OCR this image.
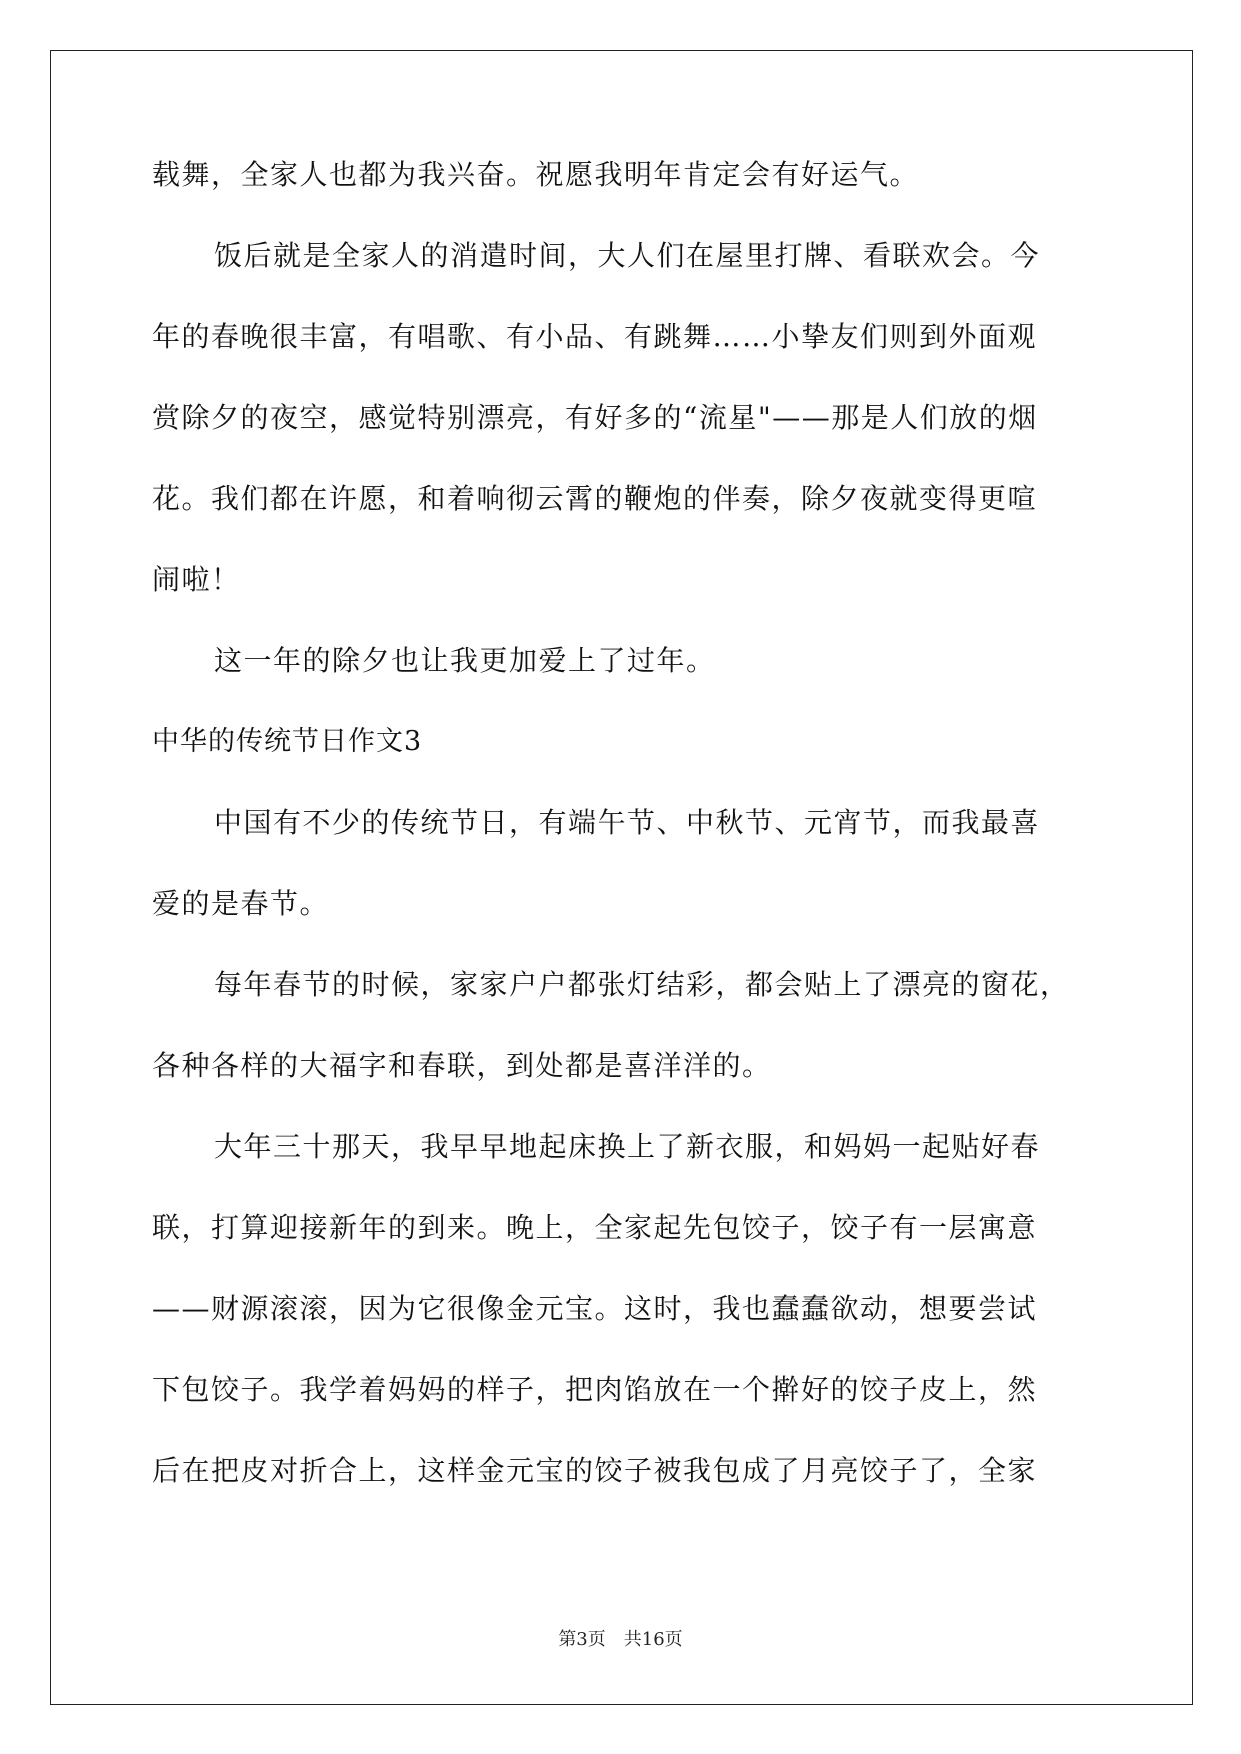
载舞，全家人也都为我兴奋。祝愿我明年肯定会有好运气。

饭后就是全家人的消遣时间，大人们在屋里打牌、看联欢会。今

年的春晚很丰富，有唱歌、有小品、有跳舞……小挚友们则到外面观

赏除夕的夜空，感觉特别漂亮，有好多的“流星"——那是人们放的烟

花。我们都在许愿，和着响彻云霄的鞭炮的伴奏，除夕夜就变得更喧

闹啦！

这一年的除夕也让我更加爱上了过年。

中华的传统节日作文3

中国有不少的传统节日，有端午节、中秋节、元宵节，而我最喜

爱的是春节。

每年春节的时候，家家户户都张灯结彩，都会贴上了漂亮的窗花，

各种各样的大福字和春联，到处都是喜洋洋的。

大年三十那天，我早早地起床换上了新衣服，和妈妈一起贴好春

联，打算迎接新年的到来。晚上，全家起先包饺子，饺子有一层寓意

——财源滚滚，因为它很像金元宝。这时，我也蠢蠢欲动，想要尝试

下包饺子。我学着妈妈的样子，把肉馅放在一个擀好的饺子皮上，然

后在把皮对折合上，这样金元宝的饺子被我包成了月亮饺子了，全家

第3页 共16页
